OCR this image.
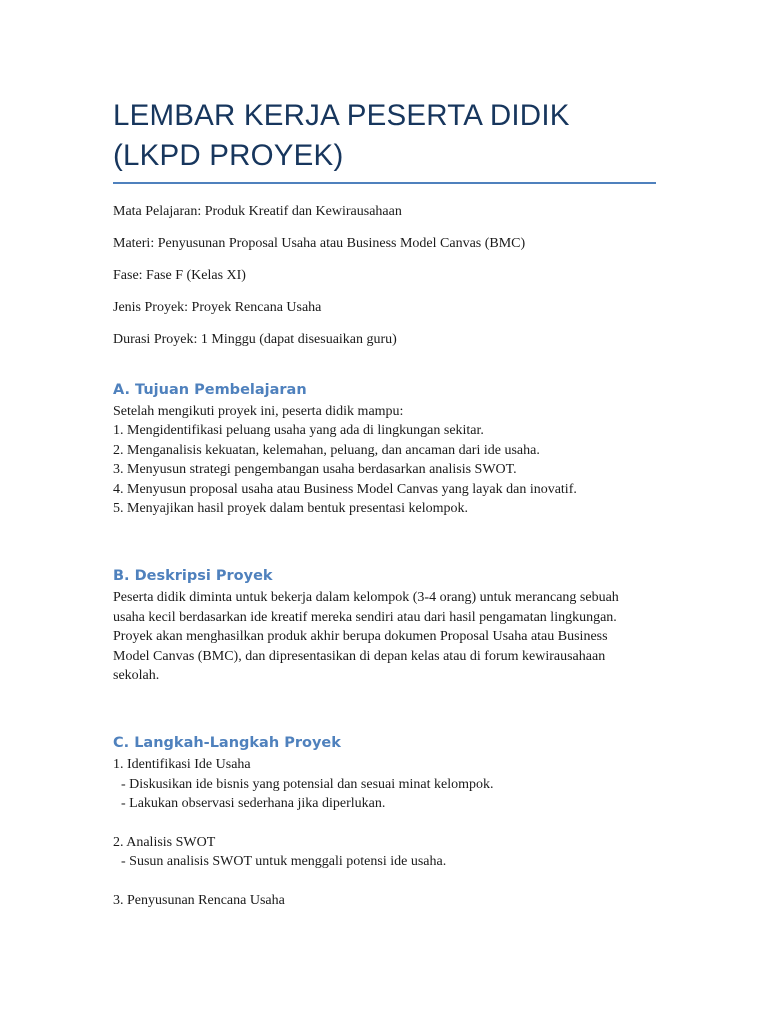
LEMBAR KERJA PESERTA DIDIK (LKPD PROYEK)

Mata Pelajaran: Produk Kreatif dan Kewirausahaan

Materi: Penyusunan Proposal Usaha atau Business Model Canvas (BMC)

Fase: Fase F (Kelas XI)

Jenis Proyek: Proyek Rencana Usaha

Durasi Proyek: 1 Minggu (dapat disesuaikan guru)

A. Tujuan Pembelajaran

Setelah mengikuti proyek ini, peserta didik mampu:

1. Mengidentifikasi peluang usaha yang ada di lingkungan sekitar.

2. Menganalisis kekuatan, kelemahan, peluang, dan ancaman dari ide usaha.

3. Menyusun strategi pengembangan usaha berdasarkan analisis SWOT.

4. Menyusun proposal usaha atau Business Model Canvas yang layak dan inovatif.

5. Menyajikan hasil proyek dalam bentuk presentasi kelompok.

B. Deskripsi Proyek

Peserta didik diminta untuk bekerja dalam kelompok (3-4 orang) untuk merancang sebuah

usaha kecil berdasarkan ide kreatif mereka sendiri atau dari hasil pengamatan lingkungan.

Proyek akan menghasilkan produk akhir berupa dokumen Proposal Usaha atau Business

Model Canvas (BMC), dan dipresentasikan di depan kelas atau di forum kewirausahaan

sekolah.

C. Langkah-Langkah Proyek

1. Identifikasi Ide Usaha

- Diskusikan ide bisnis yang potensial dan sesuai minat kelompok.

- Lakukan observasi sederhana jika diperlukan.

2. Analisis SWOT

- Susun analisis SWOT untuk menggali potensi ide usaha.

3. Penyusunan Rencana Usaha
